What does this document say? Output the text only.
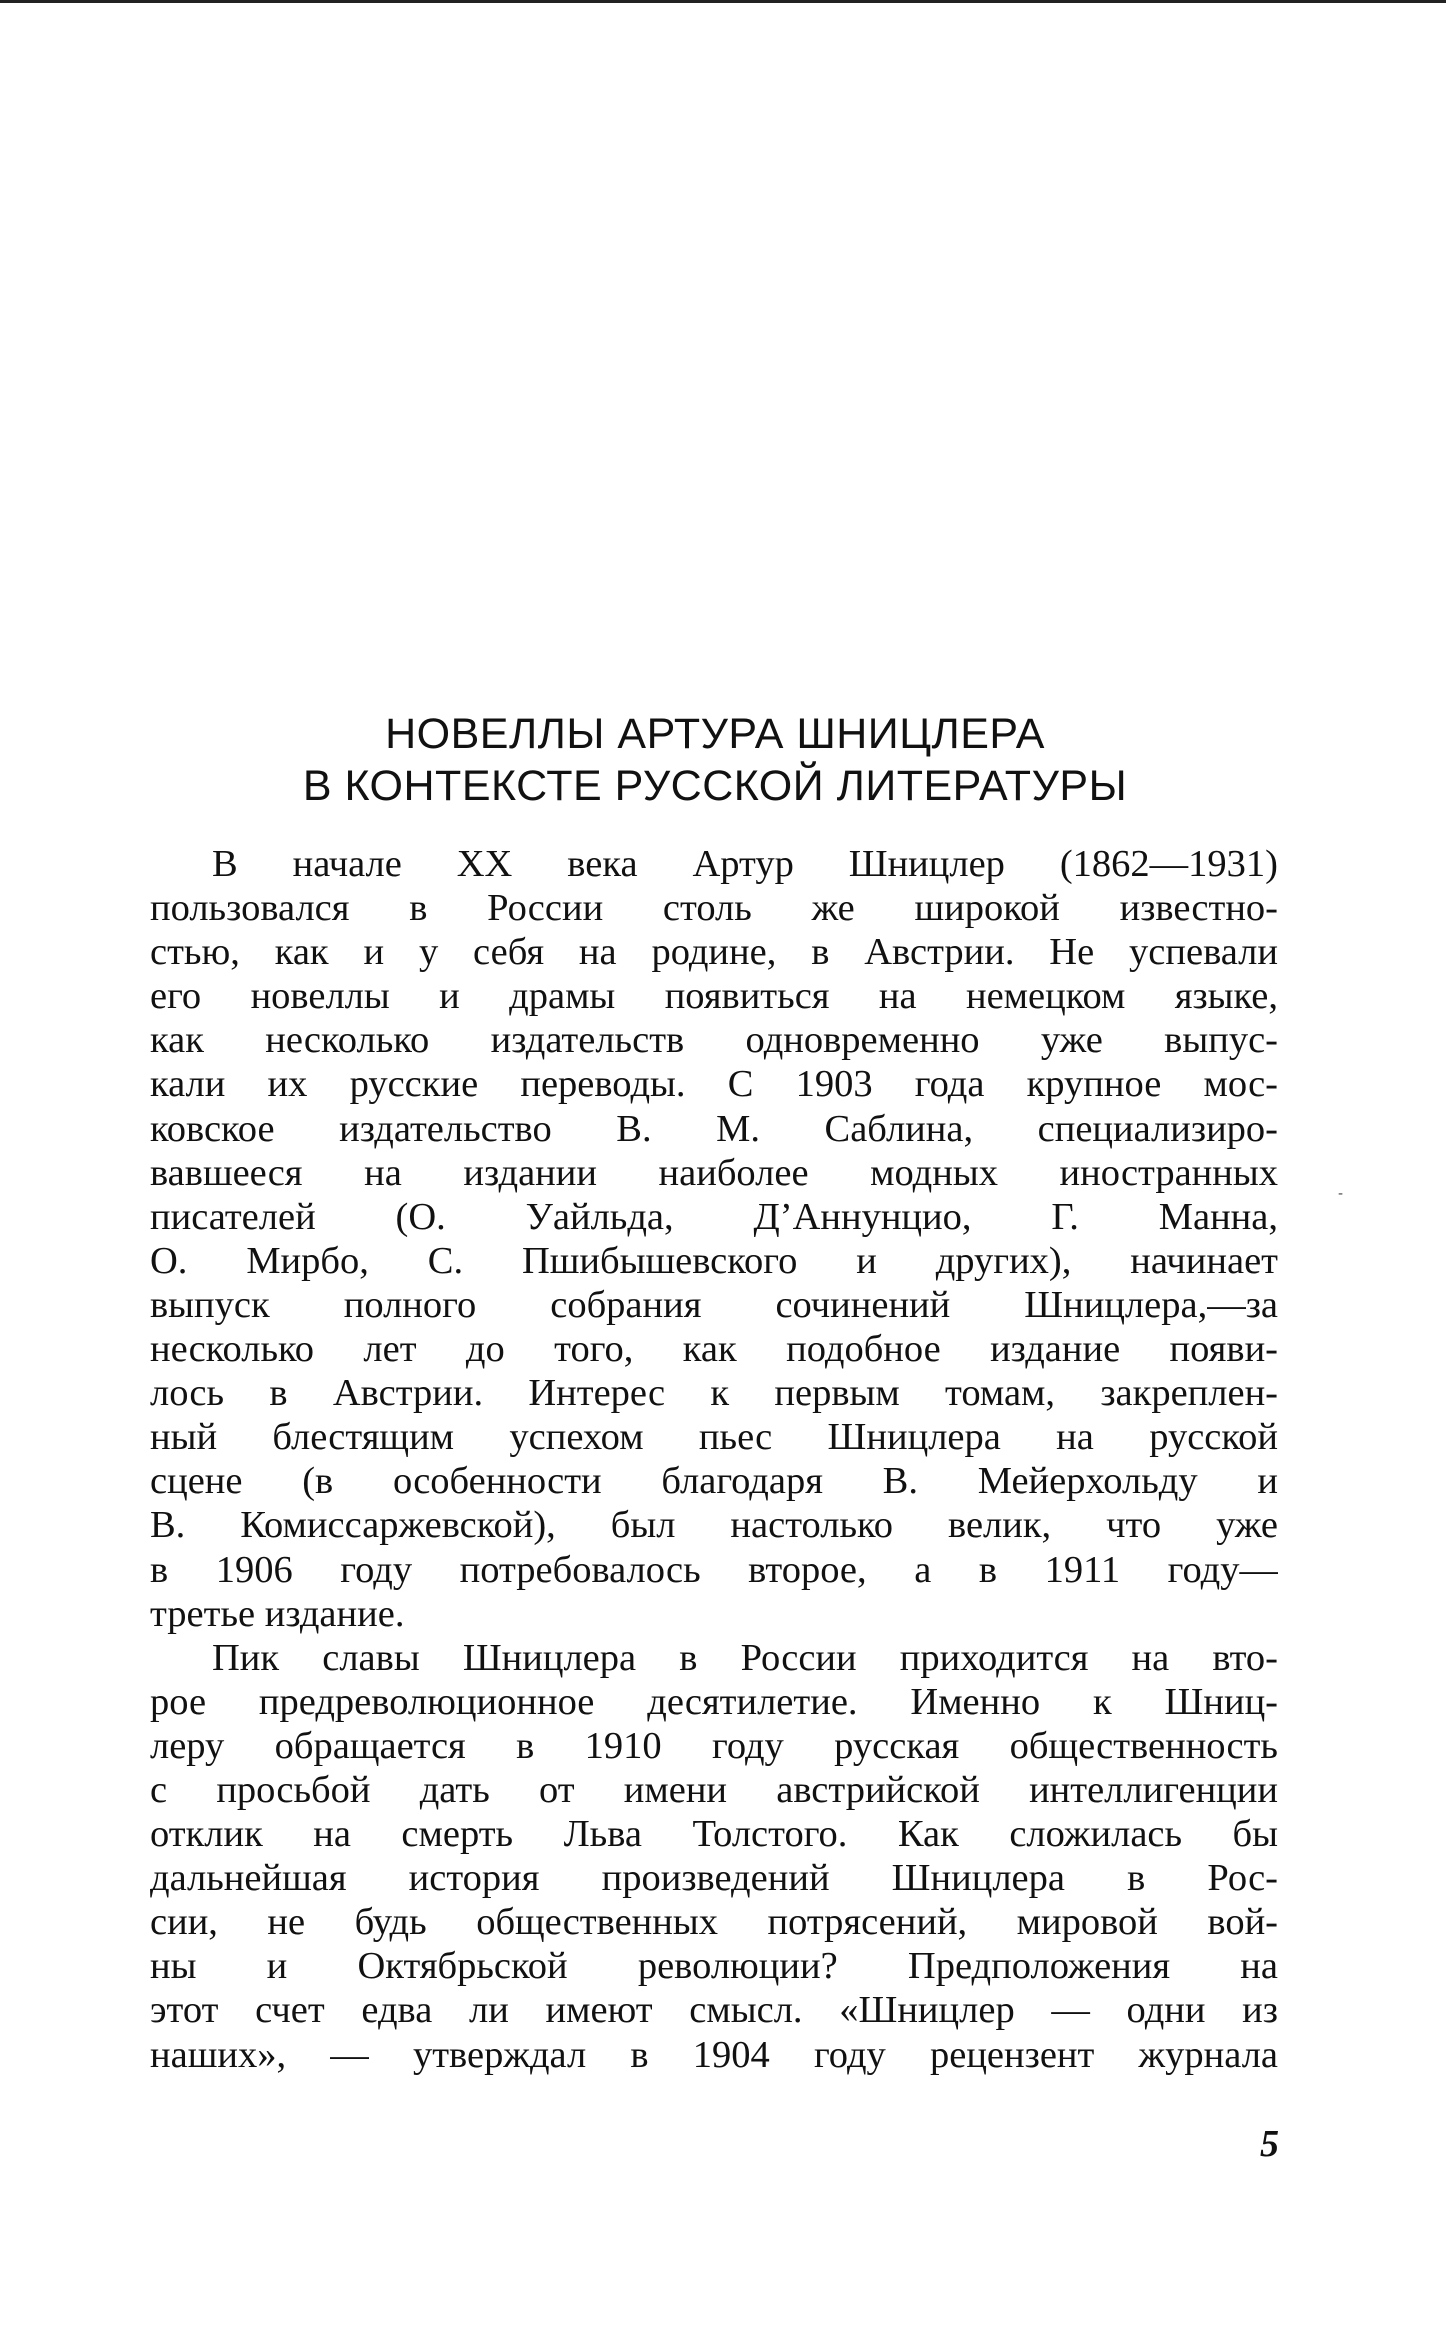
НОВЕЛЛЫ АРТУРА ШНИЦЛЕРА
В КОНТЕКСТЕ РУССКОЙ ЛИТЕРАТУРЫ
В начале XX века Артур Шницлер (1862—1931)
пользовался в России столь же широкой известно-
стью, как и у себя на родине, в Австрии. Не успевали
его новеллы и драмы появиться на немецком языке,
как несколько издательств одновременно уже выпус-
кали их русские переводы. С 1903 года крупное мос-
ковское издательство В. М. Саблина, специализиро-
вавшееся на издании наиболее модных иностранных
писателей (О. Уайльда, Д’Аннунцио, Г. Манна,
О. Мирбо, С. Пшибышевского и других), начинает
выпуск полного собрания сочинений Шницлера,—за
несколько лет до того, как подобное издание появи-
лось в Австрии. Интерес к первым томам, закреплен-
ный блестящим успехом пьес Шницлера на русской
сцене (в особенности благодаря В. Мейерхольду и
В. Комиссаржевской), был настолько велик, что уже
в 1906 году потребовалось второе, а в 1911 году—
третье издание.
Пик славы Шницлера в России приходится на вто-
рое предреволюционное десятилетие. Именно к Шниц-
леру обращается в 1910 году русская общественность
с просьбой дать от имени австрийской интеллигенции
отклик на смерть Льва Толстого. Как сложилась бы
дальнейшая история произведений Шницлера в Рос-
сии, не будь общественных потрясений, мировой вой-
ны и Октябрьской революции? Предположения на
этот счет едва ли имеют смысл. «Шницлер — одни из
наших», — утверждал в 1904 году рецензент журнала
-
5
